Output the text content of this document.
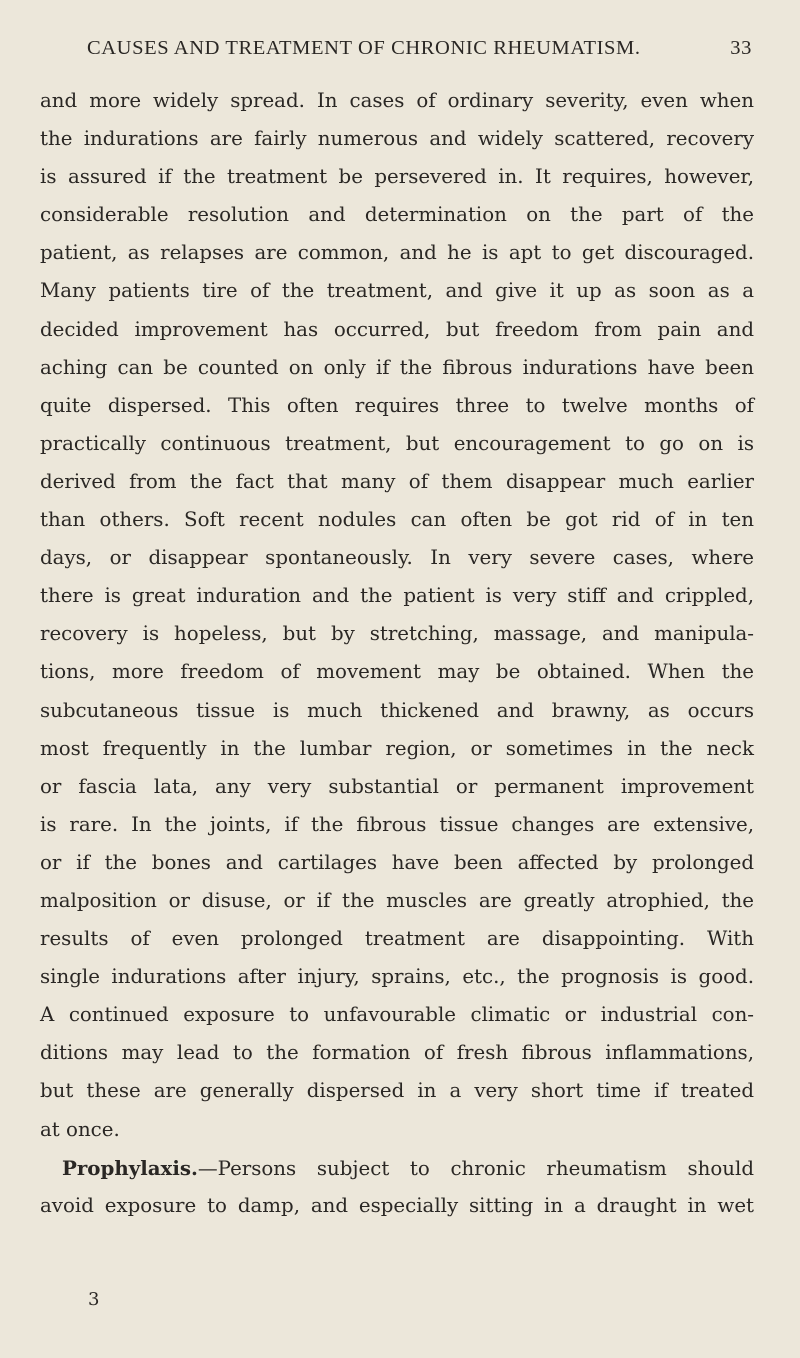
CAUSES AND TREATMENT OF CHRONIC RHEUMATISM.	33
and more widely spread. In cases of ordinary severity, even when
the indurations are fairly numerous and widely scattered, recovery
is assured if the treatment be persevered in. It requires, however,
considerable resolution and determination on the part of the
patient, as relapses are common, and he is apt to get discouraged.
Many patients tire of the treatment, and give it up as soon as a
decided improvement has occurred, but freedom from pain and
aching can be counted on only if the fibrous indurations have been
quite dispersed. This often requires three to twelve months of
practically continuous treatment, but encouragement to go on is
derived from the fact that many of them disappear much earlier
than others. Soft recent nodules can often be got rid of in ten
days, or disappear spontaneously. In very severe cases, where
there is great induration and the patient is very stiff and crippled,
recovery is hopeless, but by stretching, massage, and manipula-
tions, more freedom of movement may be obtained. When the
subcutaneous tissue is much thickened and brawny, as occurs
most frequently in the lumbar region, or sometimes in the neck
or fascia lata, any very substantial or permanent improvement
is rare. In the joints, if the fibrous tissue changes are extensive,
or if the bones and cartilages have been affected by prolonged
malposition or disuse, or if the muscles are greatly atrophied, the
results of even prolonged treatment are disappointing. With
single indurations after injury, sprains, etc., the prognosis is good.
A continued exposure to unfavourable climatic or industrial con-
ditions may lead to the formation of fresh fibrous inflammations,
but these are generally dispersed in a very short time if treated
at once.
Prophylaxis.—Persons subject to chronic rheumatism should
avoid exposure to damp, and especially sitting in a draught in wet
3
